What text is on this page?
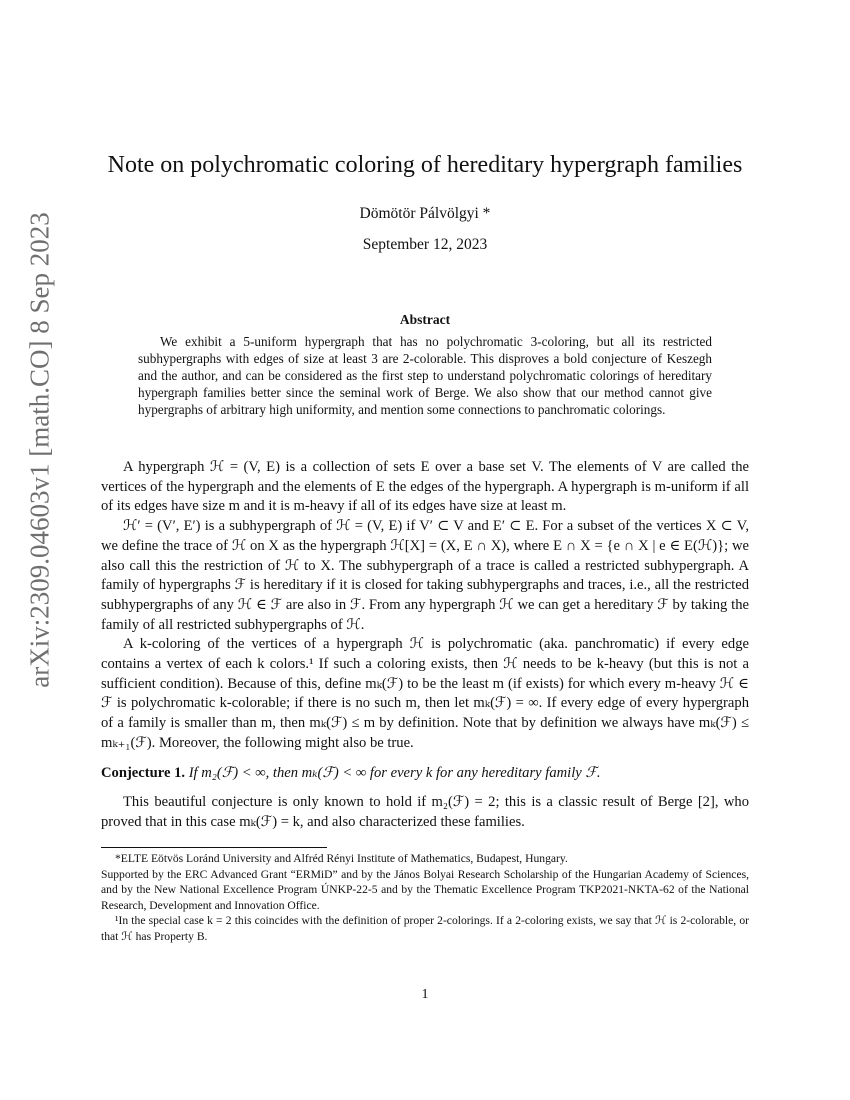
arXiv:2309.04603v1 [math.CO] 8 Sep 2023
Note on polychromatic coloring of hereditary hypergraph families
Dömötör Pálvölgyi *
September 12, 2023
Abstract
We exhibit a 5-uniform hypergraph that has no polychromatic 3-coloring, but all its restricted subhypergraphs with edges of size at least 3 are 2-colorable. This disproves a bold conjecture of Keszegh and the author, and can be considered as the first step to understand polychromatic colorings of hereditary hypergraph families better since the seminal work of Berge. We also show that our method cannot give hypergraphs of arbitrary high uniformity, and mention some connections to panchromatic colorings.

A hypergraph ℋ = (V, E) is a collection of sets E over a base set V. The elements of V are called the vertices of the hypergraph and the elements of E the edges of the hypergraph. A hypergraph is m-uniform if all of its edges have size m and it is m-heavy if all of its edges have size at least m.

ℋ′ = (V′, E′) is a subhypergraph of ℋ = (V, E) if V′ ⊂ V and E′ ⊂ E. For a subset of the vertices X ⊂ V, we define the trace of ℋ on X as the hypergraph ℋ[X] = (X, E ∩ X), where E ∩ X = {e ∩ X | e ∈ E(ℋ)}; we also call this the restriction of ℋ to X. The subhypergraph of a trace is called a restricted subhypergraph. A family of hypergraphs ℱ is hereditary if it is closed for taking subhypergraphs and traces, i.e., all the restricted subhypergraphs of any ℋ ∈ ℱ are also in ℱ. From any hypergraph ℋ we can get a hereditary ℱ by taking the family of all restricted subhypergraphs of ℋ.

A k-coloring of the vertices of a hypergraph ℋ is polychromatic (aka. panchromatic) if every edge contains a vertex of each k colors.¹ If such a coloring exists, then ℋ needs to be k-heavy (but this is not a sufficient condition). Because of this, define mₖ(ℱ) to be the least m (if exists) for which every m-heavy ℋ ∈ ℱ is polychromatic k-colorable; if there is no such m, then let mₖ(ℱ) = ∞. If every edge of every hypergraph of a family is smaller than m, then mₖ(ℱ) ≤ m by definition. Note that by definition we always have mₖ(ℱ) ≤ mₖ₊₁(ℱ). Moreover, the following might also be true.

Conjecture 1. If m₂(ℱ) < ∞, then mₖ(ℱ) < ∞ for every k for any hereditary family ℱ.

This beautiful conjecture is only known to hold if m₂(ℱ) = 2; this is a classic result of Berge [2], who proved that in this case mₖ(ℱ) = k, and also characterized these families.

*ELTE Eötvös Loránd University and Alfréd Rényi Institute of Mathematics, Budapest, Hungary.

Supported by the ERC Advanced Grant “ERMiD” and by the János Bolyai Research Scholarship of the Hungarian Academy of Sciences, and by the New National Excellence Program ÚNKP-22-5 and by the Thematic Excellence Program TKP2021-NKTA-62 of the National Research, Development and Innovation Office.

¹In the special case k = 2 this coincides with the definition of proper 2-colorings. If a 2-coloring exists, we say that ℋ is 2-colorable, or that ℋ has Property B.

1
